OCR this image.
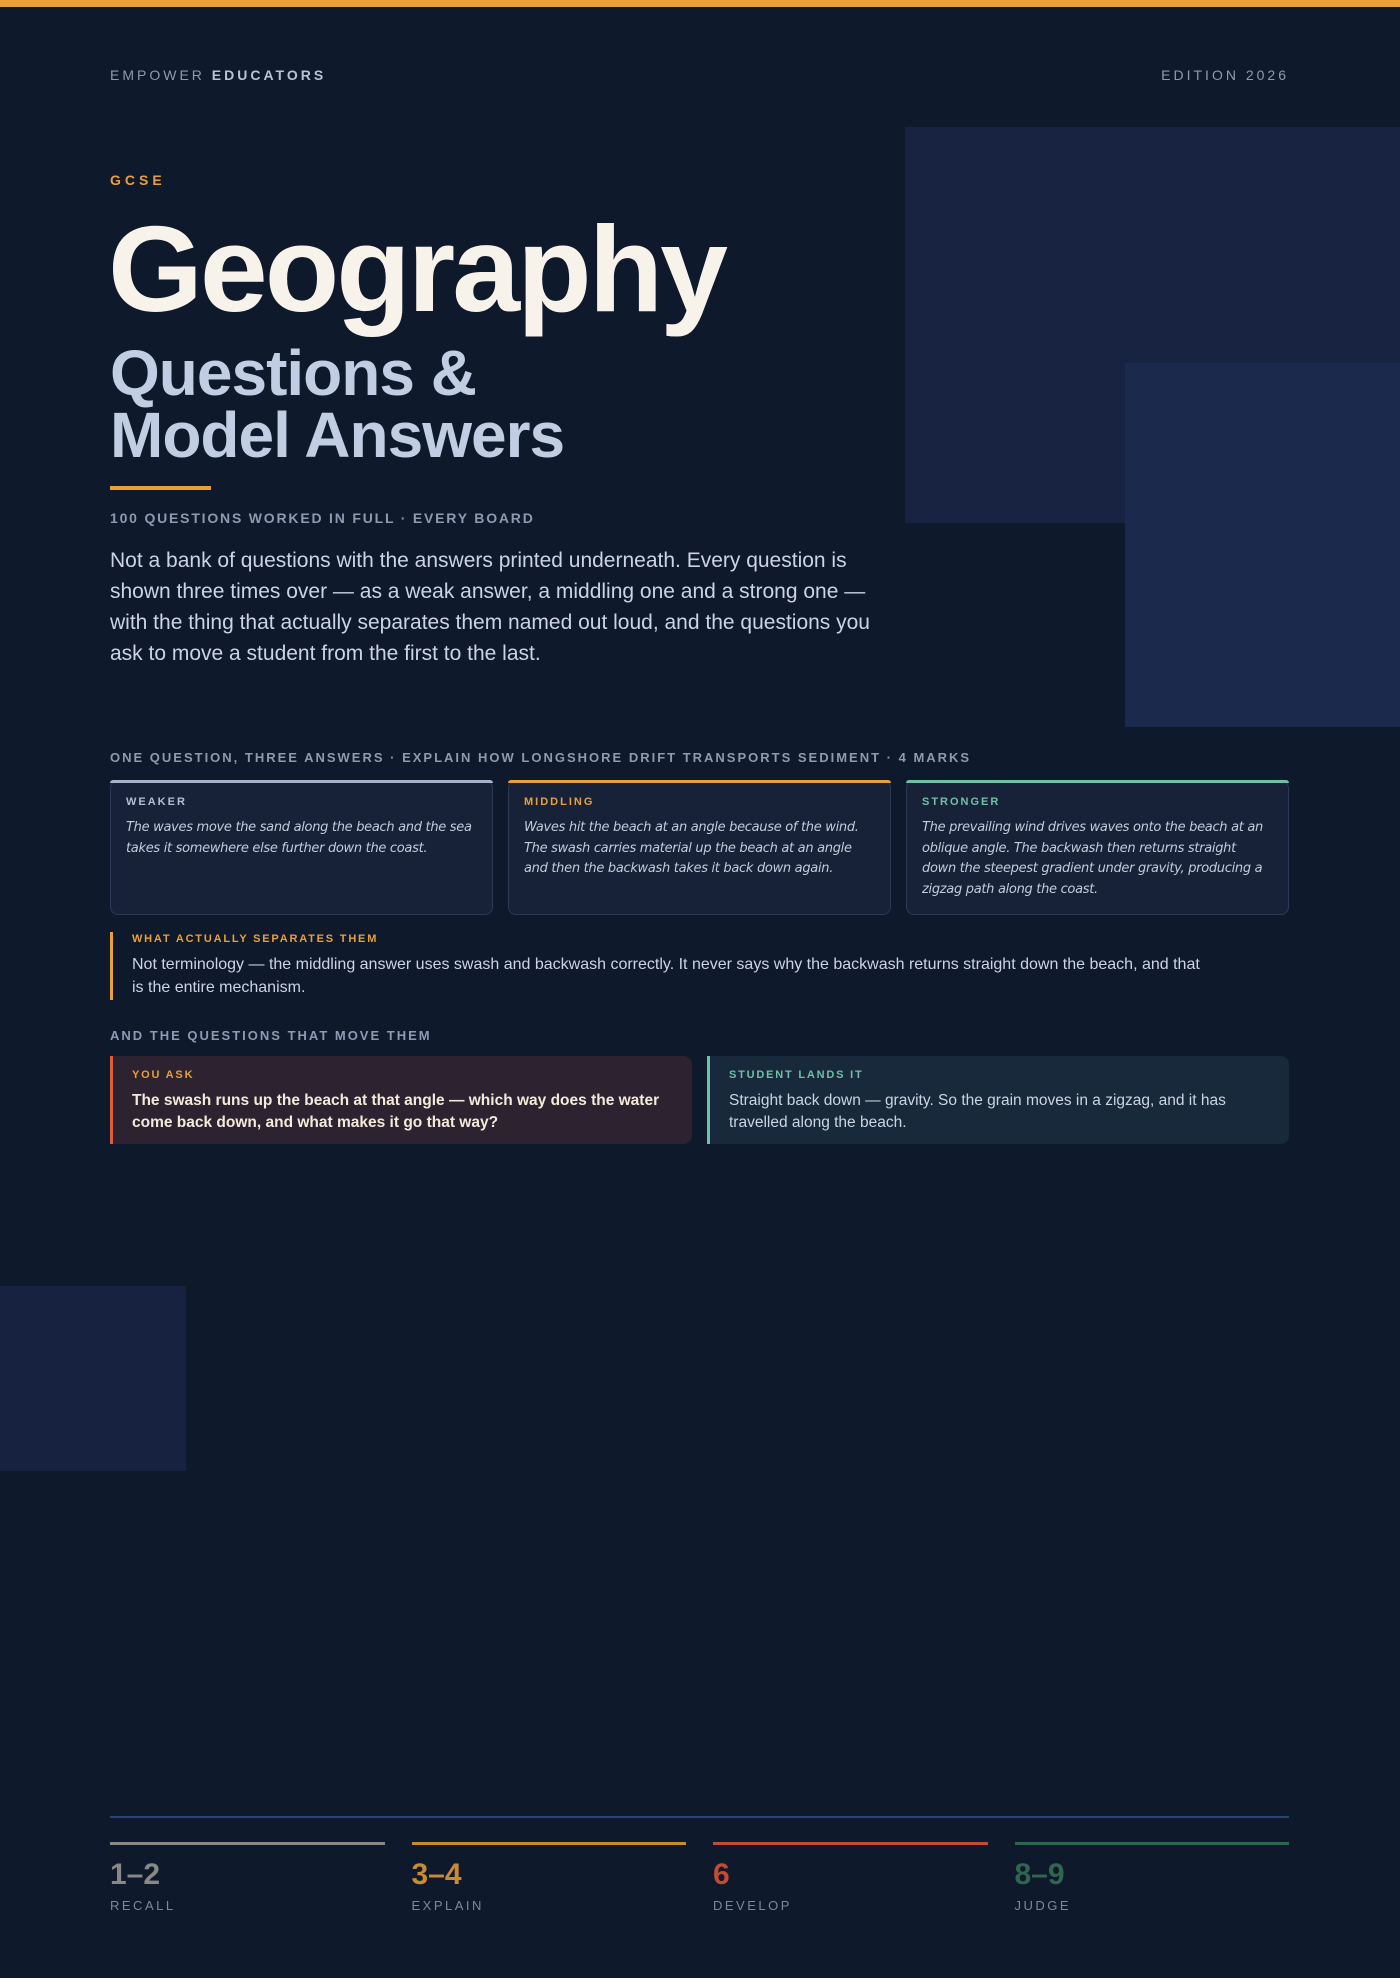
EMPOWER EDUCATORS	EDITION 2026
GCSE
Geography
Questions &
Model Answers
100 QUESTIONS WORKED IN FULL · EVERY BOARD

Not a bank of questions with the answers printed underneath. Every question is shown three times over — as a weak answer, a middling one and a strong one — with the thing that actually separates them named out loud, and the questions you ask to move a student from the first to the last.

ONE QUESTION, THREE ANSWERS · EXPLAIN HOW LONGSHORE DRIFT TRANSPORTS SEDIMENT · 4 MARKS
WEAKER
The waves move the sand along the beach and the sea takes it somewhere else further down the coast.
MIDDLING
Waves hit the beach at an angle because of the wind. The swash carries material up the beach at an angle and then the backwash takes it back down again.
STRONGER
The prevailing wind drives waves onto the beach at an oblique angle. The backwash then returns straight down the steepest gradient under gravity, producing a zigzag path along the coast.
WHAT ACTUALLY SEPARATES THEM
Not terminology — the middling answer uses swash and backwash correctly. It never says why the backwash returns straight down the beach, and that is the entire mechanism.
AND THE QUESTIONS THAT MOVE THEM
YOU ASK
The swash runs up the beach at that angle — which way does the water come back down, and what makes it go that way?
STUDENT LANDS IT
Straight back down — gravity. So the grain moves in a zigzag, and it has travelled along the beach.
1–2
RECALL
3–4
EXPLAIN
6
DEVELOP
8–9
JUDGE
